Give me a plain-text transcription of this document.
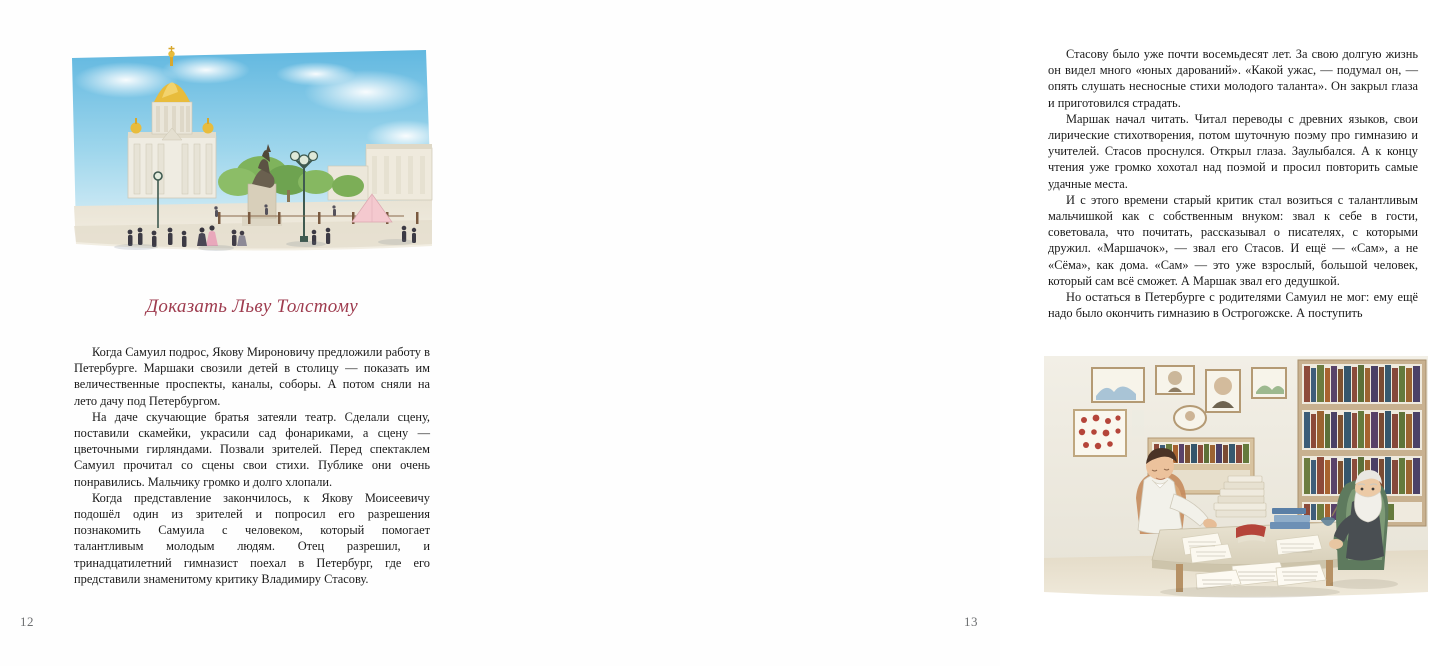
Доказать Льву Толстому

Когда Самуил подрос, Якову Мироновичу предложили работу в Петербурге. Маршаки свозили детей в столицу — показать им величественные проспекты, каналы, соборы. А потом сняли на лето дачу под Петербургом.

На даче скучающие братья затеяли театр. Сделали сцену, поставили скамейки, украсили сад фонариками, а сцену — цветочными гирляндами. Позвали зрителей. Перед спектаклем Самуил прочитал со сцены свои стихи. Публике они очень понравились. Мальчику громко и долго хлопали.

Когда представление закончилось, к Якову Моисеевичу подошёл один из зрителей и попросил его разрешения познакомить Самуила с человеком, который помогает талантливым молодым людям. Отец разрешил, и тринадцатилетний гимназист поехал в Петербург, где его представили знаменитому критику Владимиру Стасову.

12

Стасову было уже почти восемьдесят лет. За свою долгую жизнь он видел много «юных дарований». «Какой ужас, — подумал он, — опять слушать несносные стихи молодого таланта». Он закрыл глаза и приготовился страдать.

Маршак начал читать. Читал переводы с древних языков, свои лирические стихотворения, потом шуточную поэму про гимназию и учителей. Стасов проснулся. Открыл глаза. Заулыбался. А к концу чтения уже громко хохотал над поэмой и просил повторить самые удачные места.

И с этого времени старый критик стал возиться с талантливым мальчишкой как с собственным внуком: звал к себе в гости, советовала, что почитать, рассказывал о писателях, с которыми дружил. «Маршачок», — звал его Стасов. И ещё — «Сам», а не «Сёма», как дома. «Сам» — это уже взрослый, большой человек, который сам всё сможет. А Маршак звал его дедушкой.

Но остаться в Петербурге с родителями Самуил не мог: ему ещё надо было окончить гимназию в Острогожске. А поступить

13
